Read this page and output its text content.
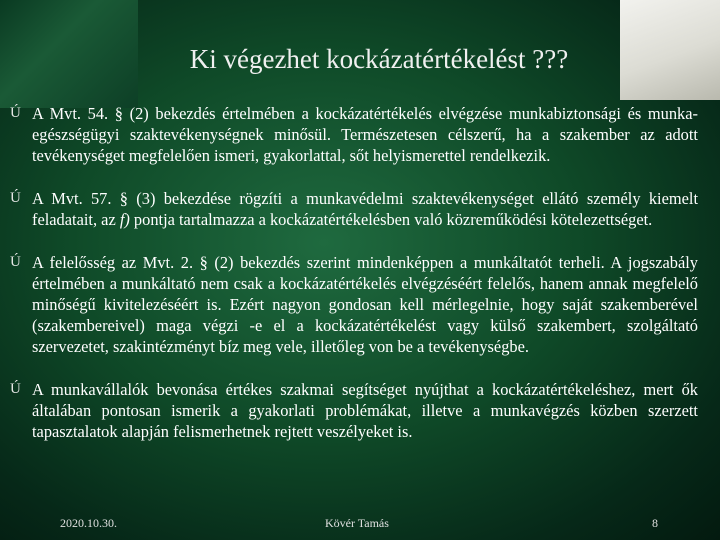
Ki végezhet kockázatértékelést ???
Ú A Mvt. 54. § (2) bekezdés értelmében a kockázatértékelés elvégzése munkabiztonsági és munka-egészségügyi szaktevékenységnek minősül. Természetesen célszerű, ha a szakember az adott tevékenységet megfelelően ismeri, gyakorlattal, sőt helyismerettel rendelkezik.
Ú A Mvt. 57. § (3) bekezdése rögzíti a munkavédelmi szaktevékenységet ellátó személy kiemelt feladatait, az f) pontja tartalmazza a kockázatértékelésben való közreműködési kötelezettséget.
Ú A felelősség az Mvt. 2. § (2) bekezdés szerint mindenképpen a munkáltatót terheli. A jogszabály értelmében a munkáltató nem csak a kockázatértékelés elvégzéséért felelős, hanem annak megfelelő minőségű kivitelezéséért is. Ezért nagyon gondosan kell mérlegelnie, hogy saját szakemberével (szakembereivel) maga végzi -e el a kockázatértékelést vagy külső szakembert, szolgáltató szervezetet, szakintézményt bíz meg vele, illetőleg von be a tevékenységbe.
Ú A munkavállalók bevonása értékes szakmai segítséget nyújthat a kockázatértékeléshez, mert ők általában pontosan ismerik a gyakorlati problémákat, illetve a munkavégzés közben szerzett tapasztalatok alapján felismerhetnek rejtett veszélyeket is.
2020.10.30.	Kövér Tamás	8
